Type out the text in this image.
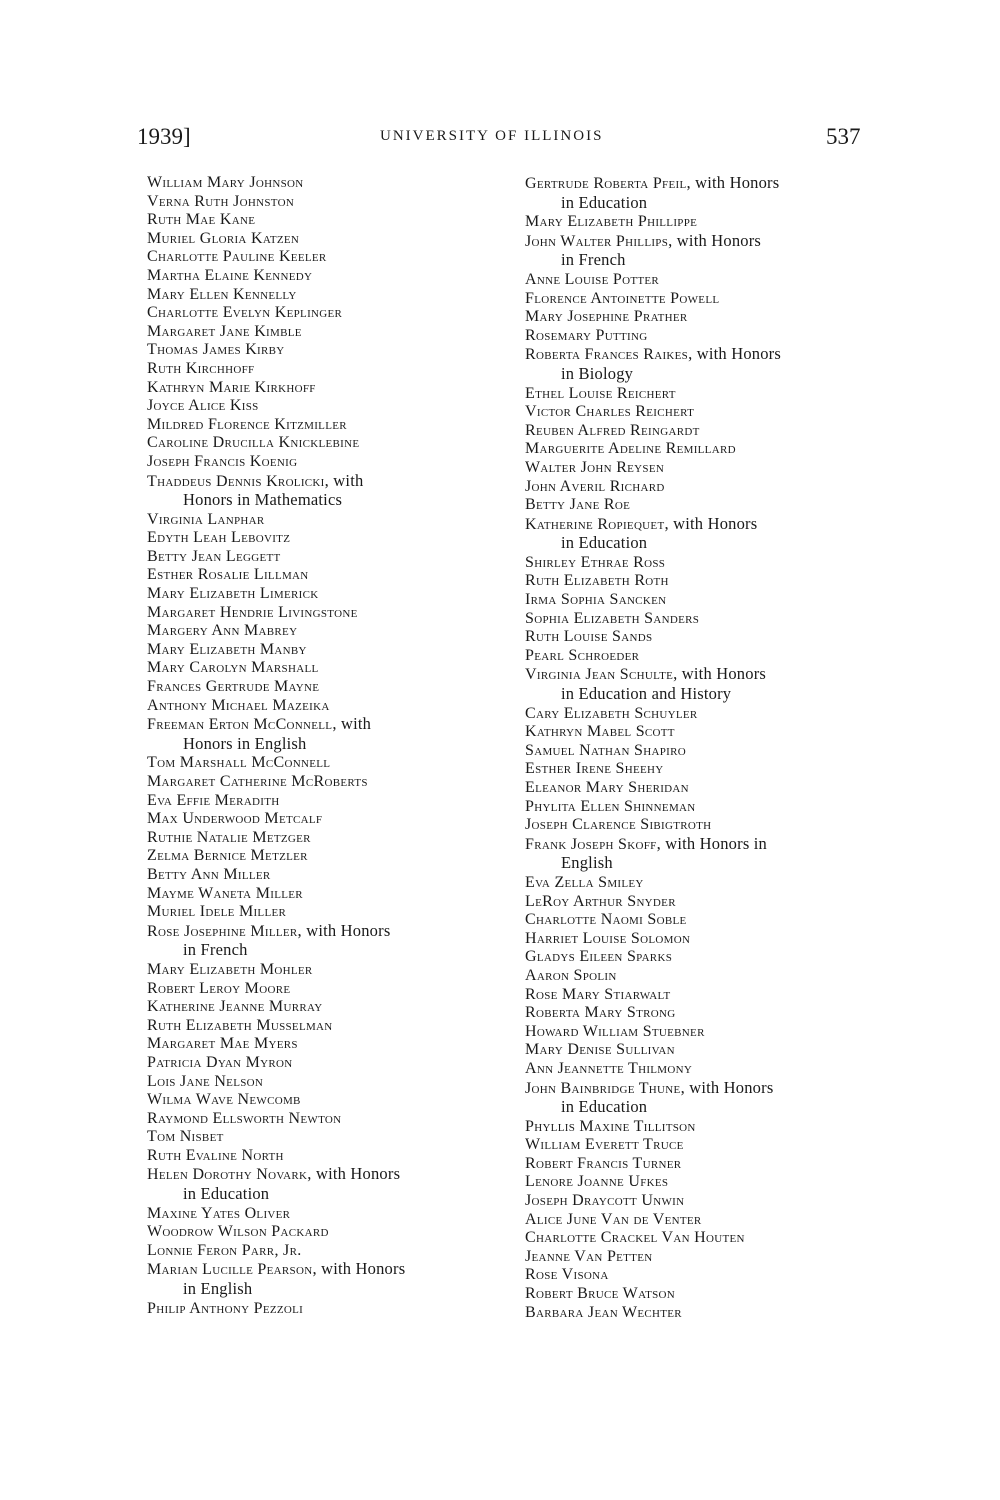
1939]	UNIVERSITY OF ILLINOIS	537
William Mary Johnson
Verna Ruth Johnston
Ruth Mae Kane
Muriel Gloria Katzen
Charlotte Pauline Keeler
Martha Elaine Kennedy
Mary Ellen Kennelly
Charlotte Evelyn Keplinger
Margaret Jane Kimble
Thomas James Kirby
Ruth Kirchhoff
Kathryn Marie Kirkhoff
Joyce Alice Kiss
Mildred Florence Kitzmiller
Caroline Drucilla Knicklebine
Joseph Francis Koenig
Thaddeus Dennis Krolicki, with
Honors in Mathematics
Virginia Lanphar
Edyth Leah Lebovitz
Betty Jean Leggett
Esther Rosalie Lillman
Mary Elizabeth Limerick
Margaret Hendrie Livingstone
Margery Ann Mabrey
Mary Elizabeth Manby
Mary Carolyn Marshall
Frances Gertrude Mayne
Anthony Michael Mazeika
Freeman Erton McConnell, with
Honors in English
Tom Marshall McConnell
Margaret Catherine McRoberts
Eva Effie Meradith
Max Underwood Metcalf
Ruthie Natalie Metzger
Zelma Bernice Metzler
Betty Ann Miller
Mayme Waneta Miller
Muriel Idele Miller
Rose Josephine Miller, with Honors
in French
Mary Elizabeth Mohler
Robert Leroy Moore
Katherine Jeanne Murray
Ruth Elizabeth Musselman
Margaret Mae Myers
Patricia Dyan Myron
Lois Jane Nelson
Wilma Wave Newcomb
Raymond Ellsworth Newton
Tom Nisbet
Ruth Evaline North
Helen Dorothy Novark, with Honors
in Education
Maxine Yates Oliver
Woodrow Wilson Packard
Lonnie Feron Parr, Jr.
Marian Lucille Pearson, with Honors
in English
Philip Anthony Pezzoli
Gertrude Roberta Pfeil, with Honors
in Education
Mary Elizabeth Phillippe
John Walter Phillips, with Honors
in French
Anne Louise Potter
Florence Antoinette Powell
Mary Josephine Prather
Rosemary Putting
Roberta Frances Raikes, with Honors
in Biology
Ethel Louise Reichert
Victor Charles Reichert
Reuben Alfred Reingardt
Marguerite Adeline Remillard
Walter John Reysen
John Averil Richard
Betty Jane Roe
Katherine Ropiequet, with Honors
in Education
Shirley Ethrae Ross
Ruth Elizabeth Roth
Irma Sophia Sancken
Sophia Elizabeth Sanders
Ruth Louise Sands
Pearl Schroeder
Virginia Jean Schulte, with Honors
in Education and History
Cary Elizabeth Schuyler
Kathryn Mabel Scott
Samuel Nathan Shapiro
Esther Irene Sheehy
Eleanor Mary Sheridan
Phylita Ellen Shinneman
Joseph Clarence Sibigtroth
Frank Joseph Skoff, with Honors in
English
Eva Zella Smiley
LeRoy Arthur Snyder
Charlotte Naomi Soble
Harriet Louise Solomon
Gladys Eileen Sparks
Aaron Spolin
Rose Mary Stiarwalt
Roberta Mary Strong
Howard William Stuebner
Mary Denise Sullivan
Ann Jeannette Thilmony
John Bainbridge Thune, with Honors
in Education
Phyllis Maxine Tillitson
William Everett Truce
Robert Francis Turner
Lenore Joanne Ufkes
Joseph Draycott Unwin
Alice June Van de Venter
Charlotte Crackel Van Houten
Jeanne Van Petten
Rose Visona
Robert Bruce Watson
Barbara Jean Wechter
